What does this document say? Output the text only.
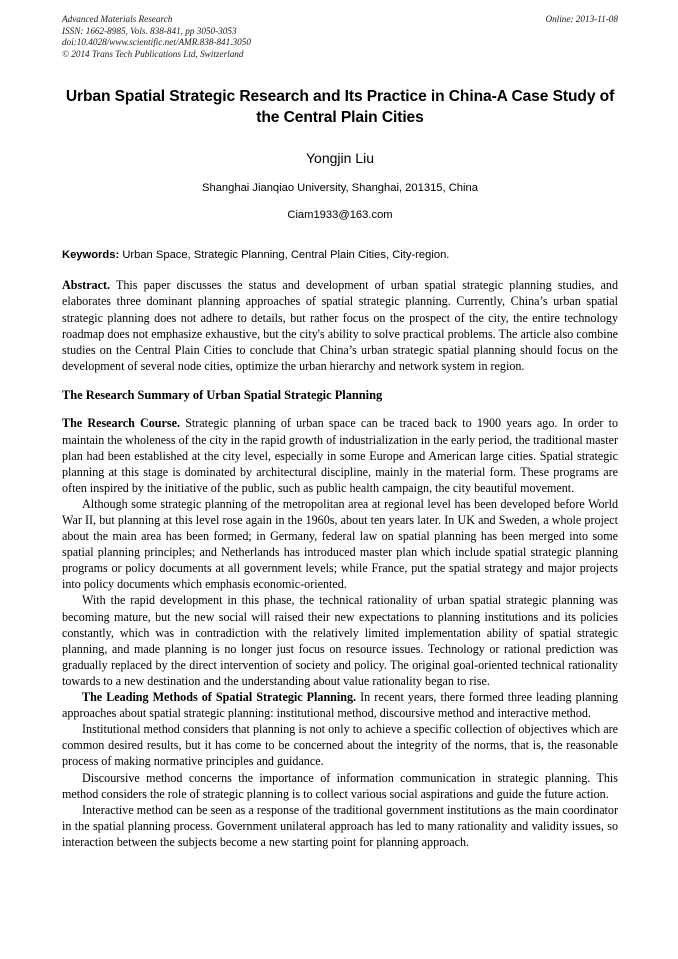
Advanced Materials Research
ISSN: 1662-8985, Vols. 838-841, pp 3050-3053
doi:10.4028/www.scientific.net/AMR.838-841.3050
© 2014 Trans Tech Publications Ltd, Switzerland
Online: 2013-11-08
Urban Spatial Strategic Research and Its Practice in China-A Case Study of the Central Plain Cities
Yongjin Liu
Shanghai Jianqiao University, Shanghai, 201315, China
Ciam1933@163.com
Keywords: Urban Space, Strategic Planning, Central Plain Cities, City-region.

Abstract. This paper discusses the status and development of urban spatial strategic planning studies, and elaborates three dominant planning approaches of spatial strategic planning. Currently, China’s urban spatial strategic planning does not adhere to details, but rather focus on the prospect of the city, the entire technology roadmap does not emphasize exhaustive, but the city's ability to solve practical problems. The article also combine studies on the Central Plain Cities to conclude that China’s urban strategic spatial planning should focus on the development of several node cities, optimize the urban hierarchy and network system in region.

The Research Summary of Urban Spatial Strategic Planning

The Research Course. Strategic planning of urban space can be traced back to 1900 years ago. In order to maintain the wholeness of the city in the rapid growth of industrialization in the early period, the traditional master plan had been established at the city level, especially in some Europe and American large cities. Spatial strategic planning at this stage is dominated by architectural discipline, mainly in the material form. These programs are often inspired by the initiative of the public, such as public health campaign, the city beautiful movement.

Although some strategic planning of the metropolitan area at regional level has been developed before World War II, but planning at this level rose again in the 1960s, about ten years later. In UK and Sweden, a whole project about the main area has been formed; in Germany, federal law on spatial planning has been merged into some spatial planning principles; and Netherlands has introduced master plan which include spatial strategic planning programs or policy documents at all government levels; while France, put the spatial strategy and major projects into policy documents which emphasis economic-oriented.

With the rapid development in this phase, the technical rationality of urban spatial strategic planning was becoming mature, but the new social will raised their new expectations to planning institutions and its policies constantly, which was in contradiction with the relatively limited implementation ability of spatial strategic planning, and made planning is no longer just focus on resource issues. Technology or rational prediction was gradually replaced by the direct intervention of society and policy. The original goal-oriented technical rationality towards to a new destination and the understanding about value rationality began to rise.

The Leading Methods of Spatial Strategic Planning. In recent years, there formed three leading planning approaches about spatial strategic planning: institutional method, discoursive method and interactive method.

Institutional method considers that planning is not only to achieve a specific collection of objectives which are common desired results, but it has come to be concerned about the integrity of the norms, that is, the reasonable process of making normative principles and guidance.

Discoursive method concerns the importance of information communication in strategic planning. This method considers the role of strategic planning is to collect various social aspirations and guide the future action.

Interactive method can be seen as a response of the traditional government institutions as the main coordinator in the spatial planning process. Government unilateral approach has led to many rationality and validity issues, so interaction between the subjects become a new starting point for planning approach.
